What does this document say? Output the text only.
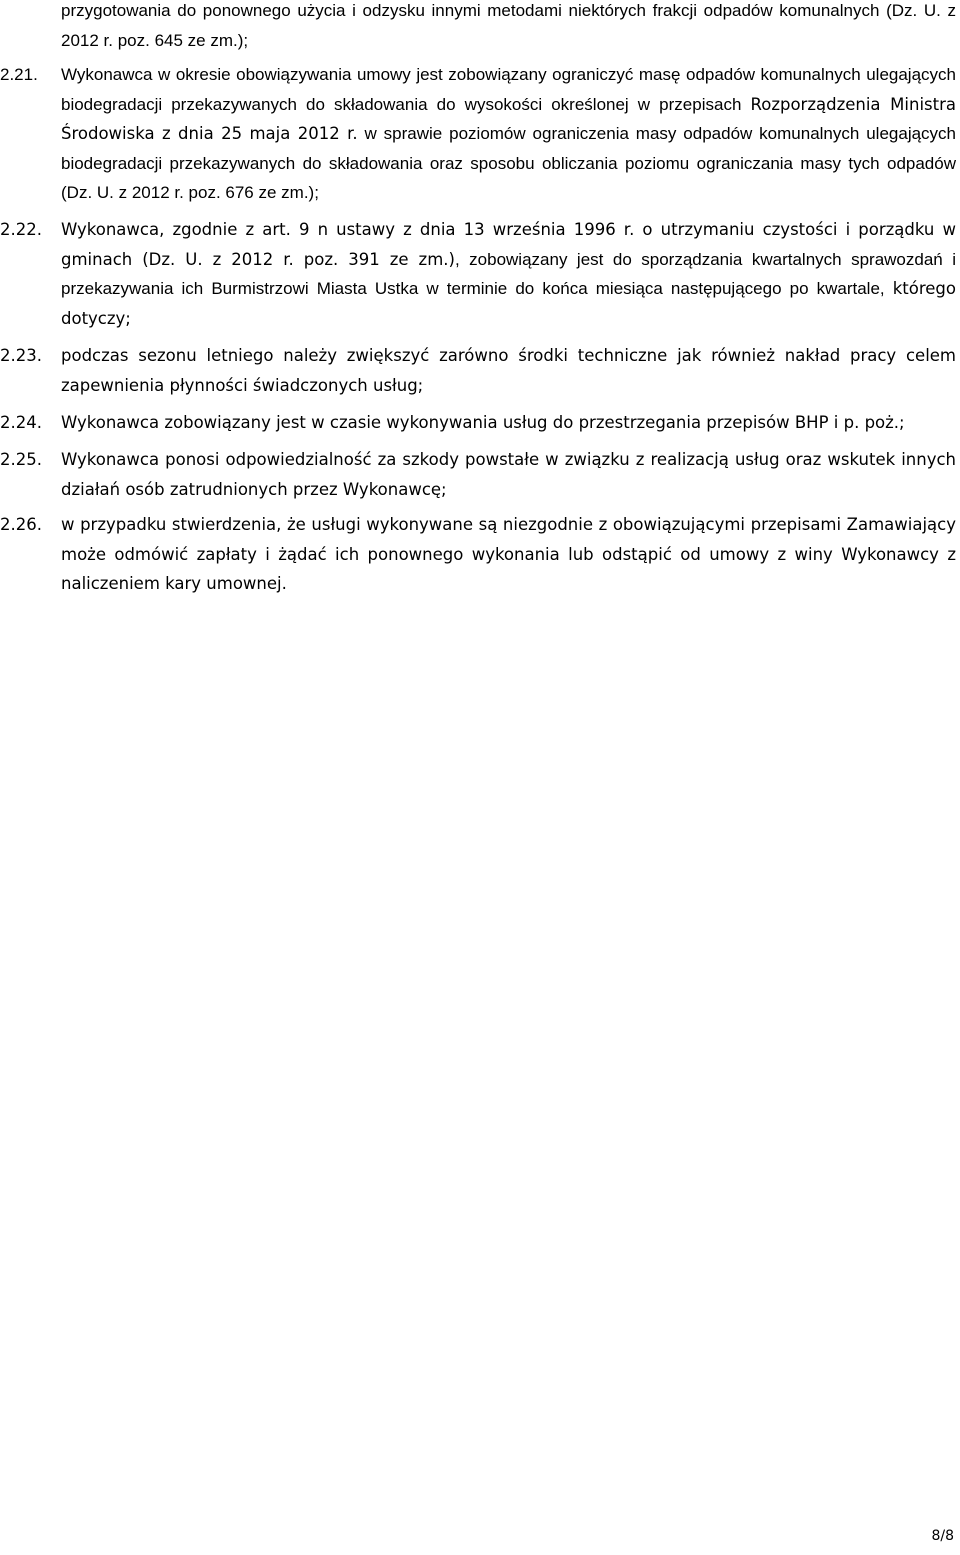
przygotowania do ponownego użycia i odzysku innymi metodami niektórych frakcji odpadów komunalnych (Dz. U. z 2012 r. poz. 645 ze zm.);
2.21.	Wykonawca w okresie obowiązywania umowy jest zobowiązany ograniczyć masę odpadów komunalnych ulegających biodegradacji przekazywanych do składowania do wysokości określonej w przepisach Rozporządzenia Ministra Środowiska z dnia 25 maja 2012 r. w sprawie poziomów ograniczenia masy odpadów komunalnych ulegających biodegradacji przekazywanych do składowania oraz sposobu obliczania poziomu ograniczania masy tych odpadów (Dz. U. z 2012 r. poz. 676 ze zm.);
2.22.	Wykonawca, zgodnie z art. 9 n ustawy z dnia 13 września 1996 r. o utrzymaniu czystości i porządku w gminach (Dz. U. z 2012 r. poz. 391 ze zm.), zobowiązany jest do sporządzania kwartalnych sprawozdań i przekazywania ich Burmistrzowi Miasta Ustka w terminie do końca miesiąca następującego po kwartale, którego dotyczy;
2.23.	podczas sezonu letniego należy zwiększyć zarówno środki techniczne jak również nakład pracy celem zapewnienia płynności świadczonych usług;
2.24.	Wykonawca zobowiązany jest w czasie wykonywania usług do przestrzegania przepisów BHP i p. poż.;
2.25.	Wykonawca ponosi odpowiedzialność za szkody powstałe w związku z realizacją usług oraz wskutek innych działań osób zatrudnionych przez Wykonawcę;
2.26.	w przypadku stwierdzenia, że usługi wykonywane są niezgodnie z obowiązującymi przepisami Zamawiający może odmówić zapłaty i żądać ich ponownego wykonania lub odstąpić od umowy z winy Wykonawcy z naliczeniem kary umownej.
8/8
